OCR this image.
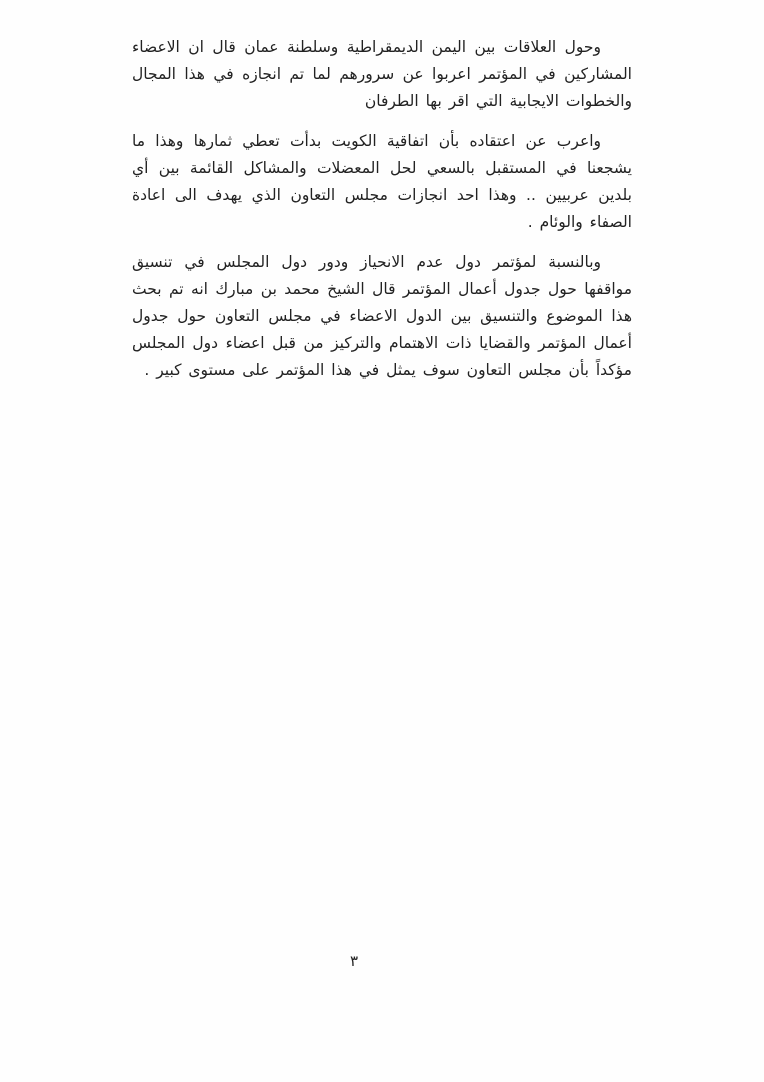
وحول العلاقات بين اليمن الديمقراطية وسلطنة عمان قال ان الاعضاء المشاركين في المؤتمر اعربوا عن سرورهم لما تم انجازه في هذا المجال والخطوات الايجابية التي اقر بها الطرفان

واعرب عن اعتقاده بأن اتفاقية الكويت بدأت تعطي ثمارها وهذا ما يشجعنا في المستقبل بالسعي لحل المعضلات والمشاكل القائمة بين أي بلدين عربيين .. وهذا احد انجازات مجلس التعاون الذي يهدف الى اعادة الصفاء والوئام .

وبالنسبة لمؤتمر دول عدم الانحياز ودور دول المجلس في تنسيق مواقفها حول جدول أعمال المؤتمر قال الشيخ محمد بن مبارك انه تم بحث هذا الموضوع والتنسيق بين الدول الاعضاء في مجلس التعاون حول جدول أعمال المؤتمر والقضايا ذات الاهتمام والتركيز من قبل اعضاء دول المجلس مؤكداً بأن مجلس التعاون سوف يمثل في هذا المؤتمر على مستوى كبير .

٣
